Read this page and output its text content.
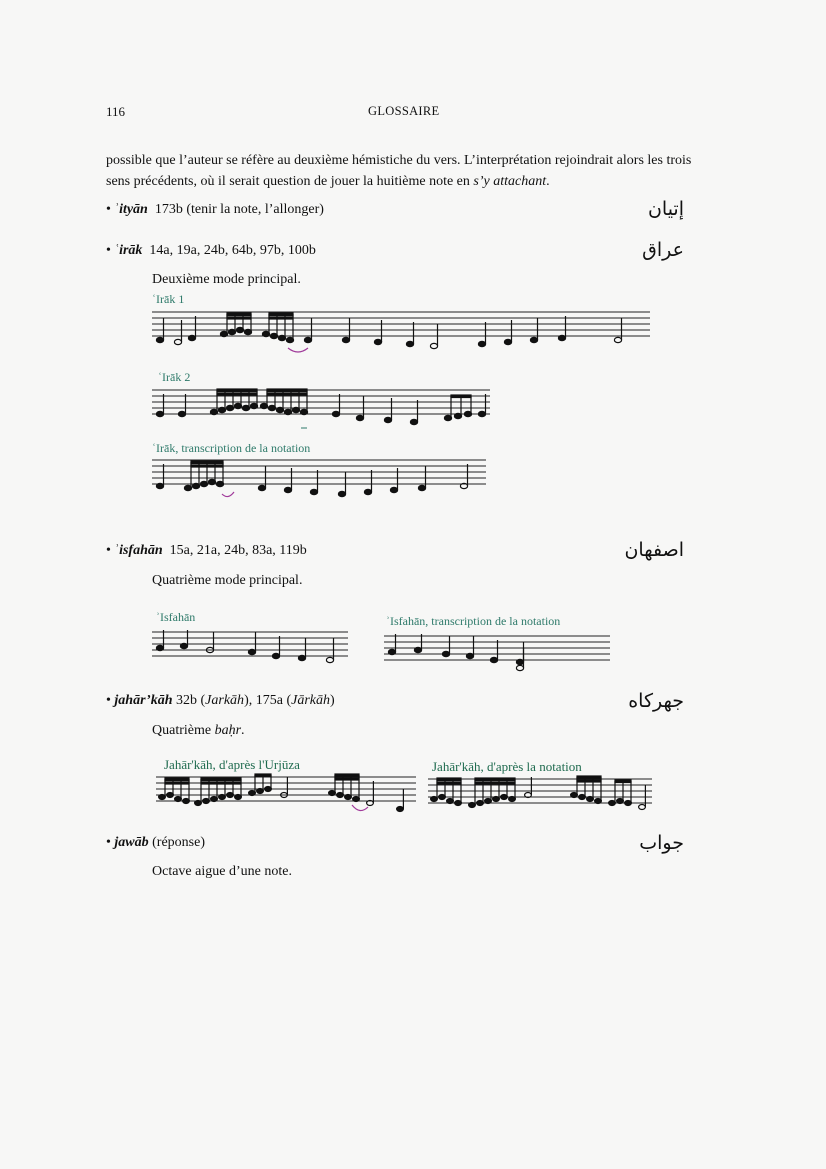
116	GLOSSAIRE
possible que l’auteur se réfère au deuxième hémistiche du vers. L’interprétation rejoindrait alors les trois sens précédents, où il serait question de jouer la huitième note en s’y attachant.
• ʾityān 173b (tenir la note, l’allonger)	إتيان
• ʿirāk 14a, 19a, 24b, 64b, 97b, 100b	عراق
Deuxième mode principal.
ʿIrāk 1
ʿIrāk 2
ʿIrāk, transcription de la notation
• ʾisfahān 15a, 21a, 24b, 83a, 119b	اصفهان
Quatrième mode principal.
ʾIsfahān	ʾIsfahān, transcription de la notation
• jahār’kāh 32b (Jarkāh), 175a (Jārkāh)	جهركاه
Quatrième baḥr.
Jahār'kāh, d'après l'Urjūza	Jahār'kāh, d'après la notation
• jawāb (réponse)	جواب
Octave aigue d’une note.
